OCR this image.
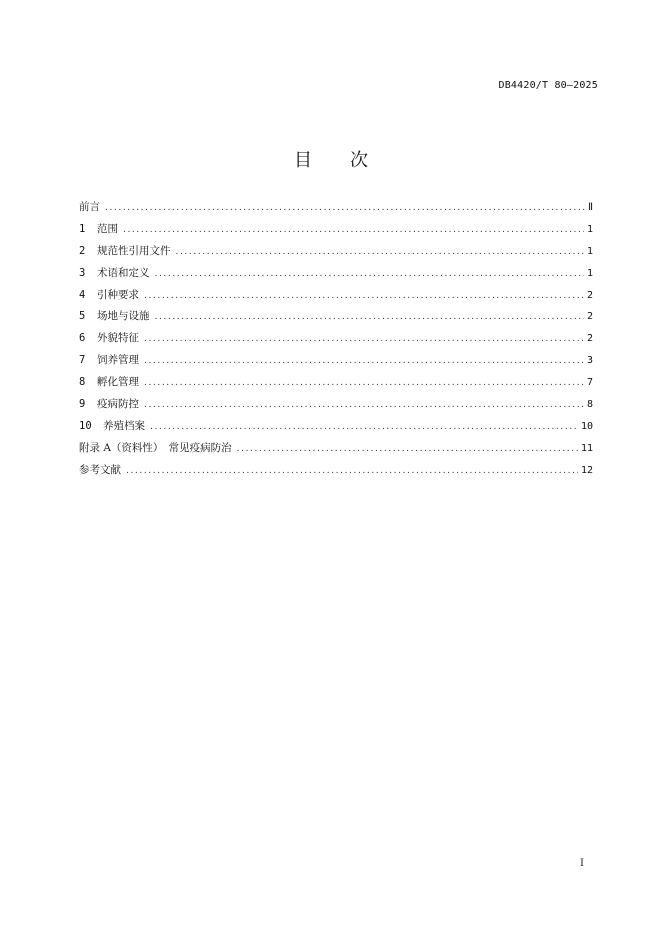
DB4420/T 80—2025
目 次
前言 .....	Ⅱ
1	范围 .....	1
2	规范性引用文件 .....	1
3	术语和定义 .....	1
4	引种要求 .....	2
5	场地与设施 .....	2
6	外貌特征 .....	2
7	饲养管理 .....	3
8	孵化管理 .....	7
9	疫病防控 .....	8
10	养殖档案 .....	10
附录 A（资料性）　常见疫病防治 .....	11
参考文献 .....	12
I
